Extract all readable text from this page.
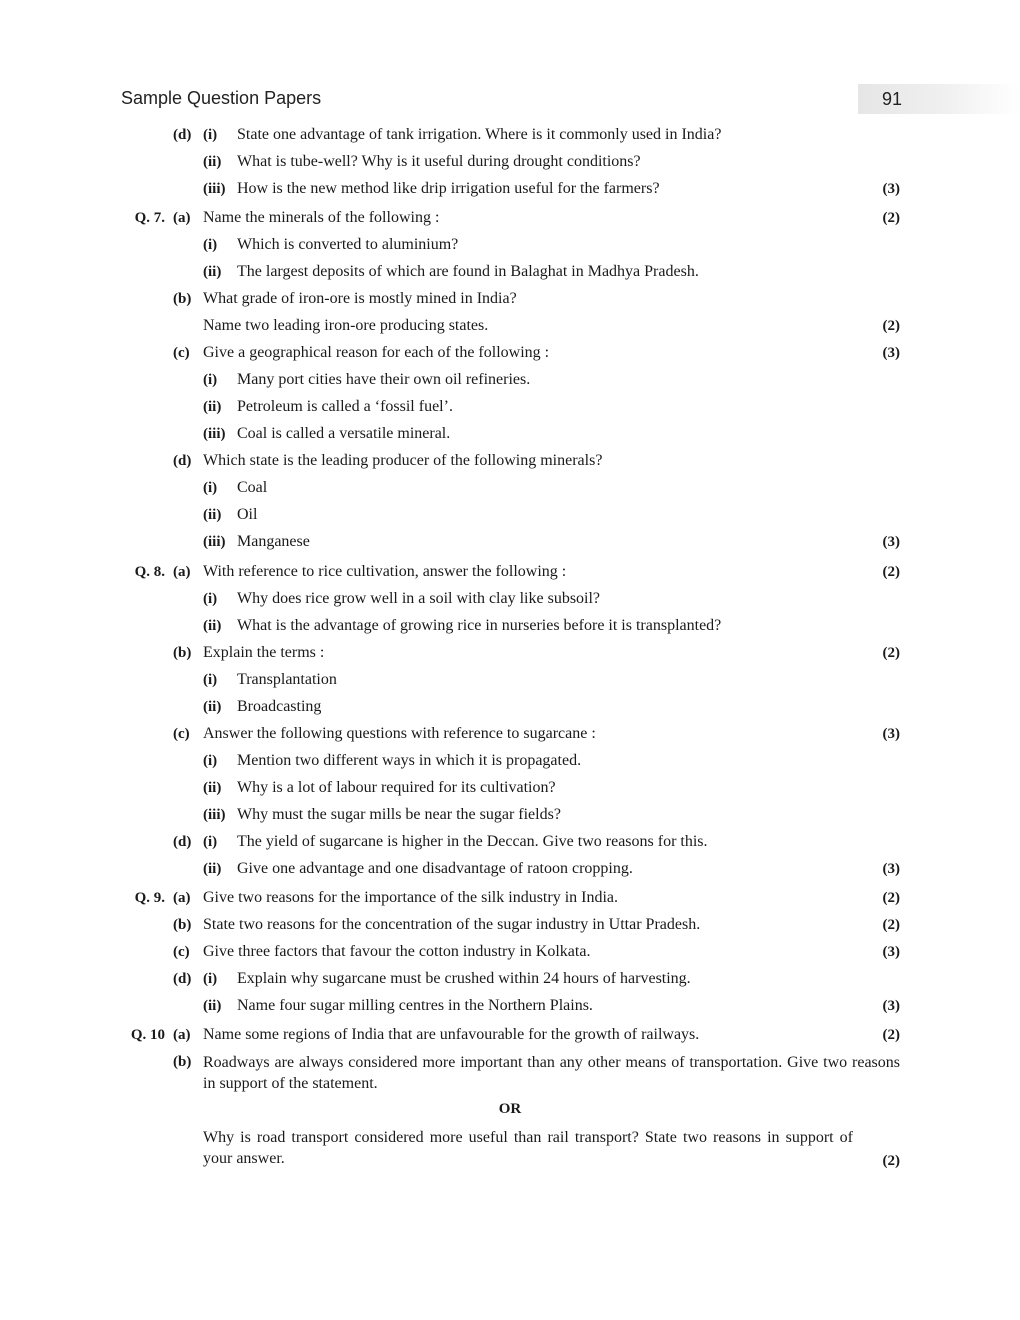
Sample Question Papers	91
(d) (i) State one advantage of tank irrigation. Where is it commonly used in India?
(ii) What is tube-well? Why is it useful during drought conditions?
(iii) How is the new method like drip irrigation useful for the farmers?	(3)
Q. 7. (a) Name the minerals of the following :	(2)
(i) Which is converted to aluminium?
(ii) The largest deposits of which are found in Balaghat in Madhya Pradesh.
(b) What grade of iron-ore is mostly mined in India?
Name two leading iron-ore producing states.	(2)
(c) Give a geographical reason for each of the following :	(3)
(i) Many port cities have their own oil refineries.
(ii) Petroleum is called a ‘fossil fuel’.
(iii) Coal is called a versatile mineral.
(d) Which state is the leading producer of the following minerals?
(i) Coal
(ii) Oil
(iii) Manganese	(3)
Q. 8. (a) With reference to rice cultivation, answer the following :	(2)
(i) Why does rice grow well in a soil with clay like subsoil?
(ii) What is the advantage of growing rice in nurseries before it is transplanted?
(b) Explain the terms :	(2)
(i) Transplantation
(ii) Broadcasting
(c) Answer the following questions with reference to sugarcane :	(3)
(i) Mention two different ways in which it is propagated.
(ii) Why is a lot of labour required for its cultivation?
(iii) Why must the sugar mills be near the sugar fields?
(d) (i) The yield of sugarcane is higher in the Deccan. Give two reasons for this.
(ii) Give one advantage and one disadvantage of ratoon cropping.	(3)
Q. 9. (a) Give two reasons for the importance of the silk industry in India.	(2)
(b) State two reasons for the concentration of the sugar industry in Uttar Pradesh.	(2)
(c) Give three factors that favour the cotton industry in Kolkata.	(3)
(d) (i) Explain why sugarcane must be crushed within 24 hours of harvesting.
(ii) Name four sugar milling centres in the Northern Plains.	(3)
Q. 10 (a) Name some regions of India that are unfavourable for the growth of railways.	(2)
(b) Roadways are always considered more important than any other means of transportation. Give two reasons in support of the statement.
OR
Why is road transport considered more useful than rail transport? State two reasons in support of your answer.	(2)
